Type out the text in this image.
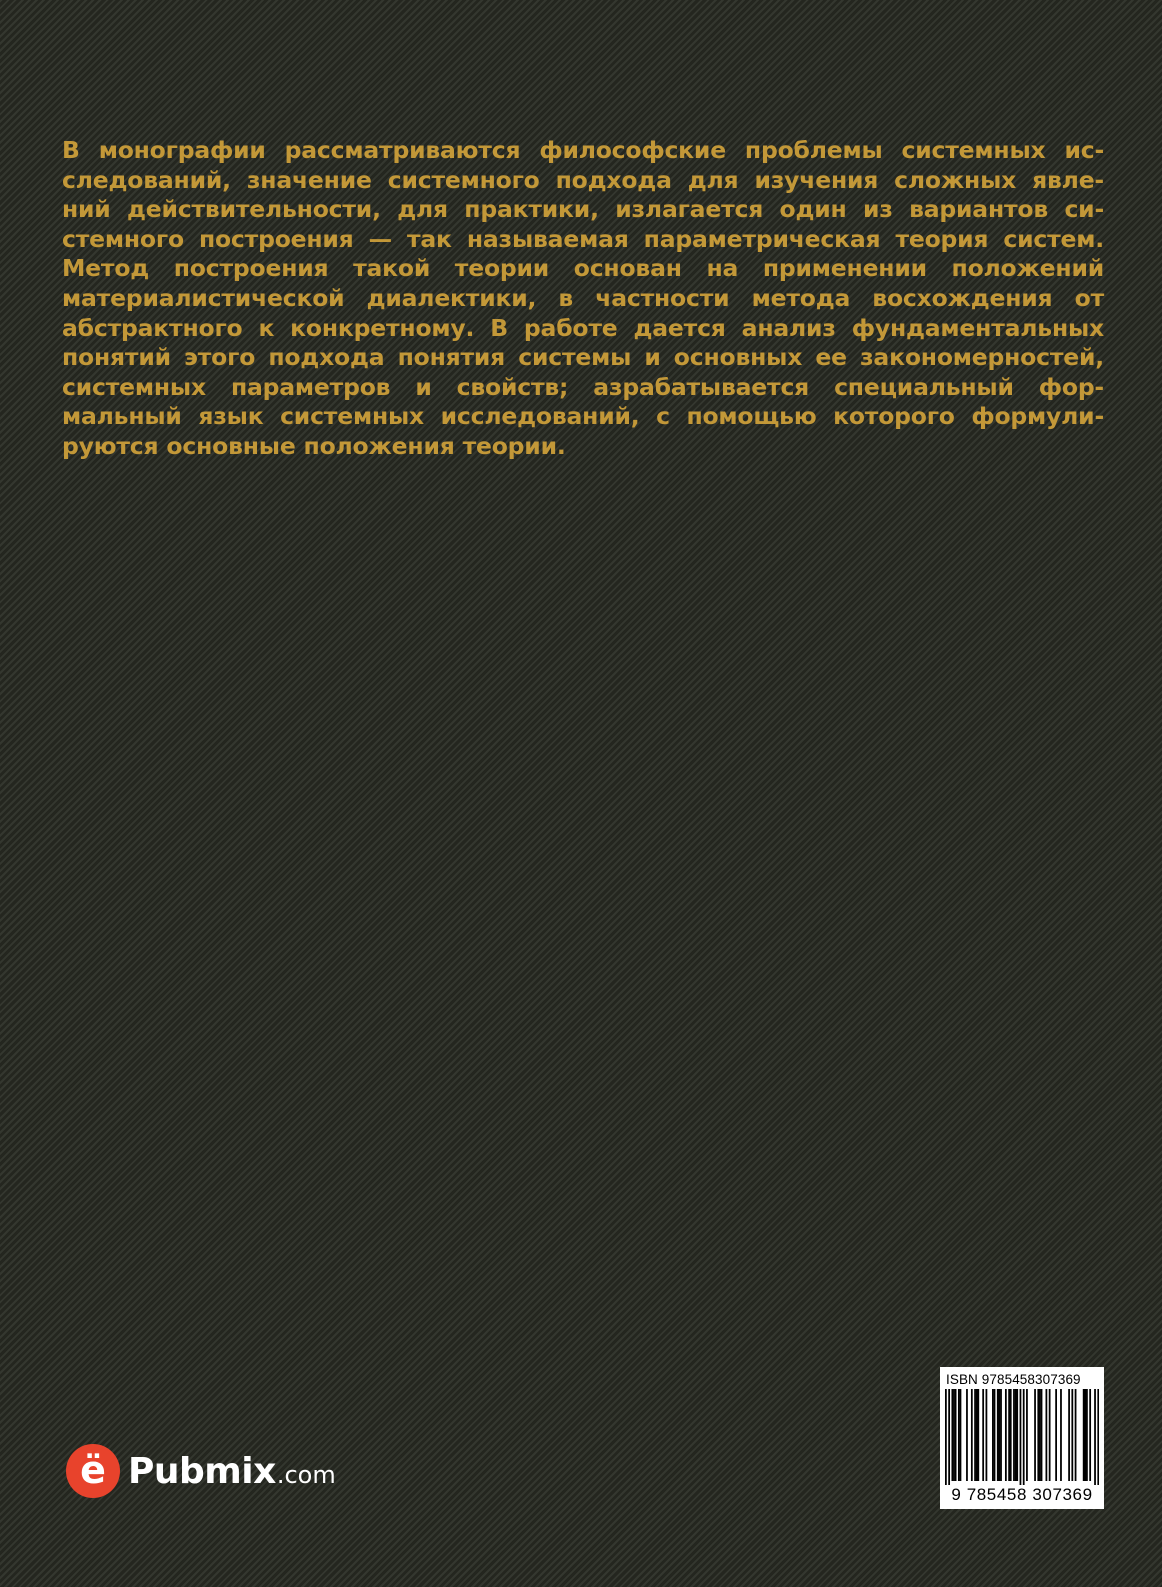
В монографии рассматриваются философские проблемы системных ис-
следований, значение системного подхода для изучения сложных явле-
ний действительности, для практики, излагается один из вариантов си-
стемного построения — так называемая параметрическая теория систем.
Метод построения такой теории основан на применении положений
материалистической диалектики, в частности метода восхождения от
абстрактного к конкретному. В работе дается анализ фундаментальных
понятий этого подхода понятия системы и основных ее закономерностей,
системных параметров и свойств; азрабатывается специальный фор-
мальный язык системных исследований, с помощью которого формули-
руются основные положения теории.
ё Pubmix .com
ISBN 9785458307369
9 785458 307369
